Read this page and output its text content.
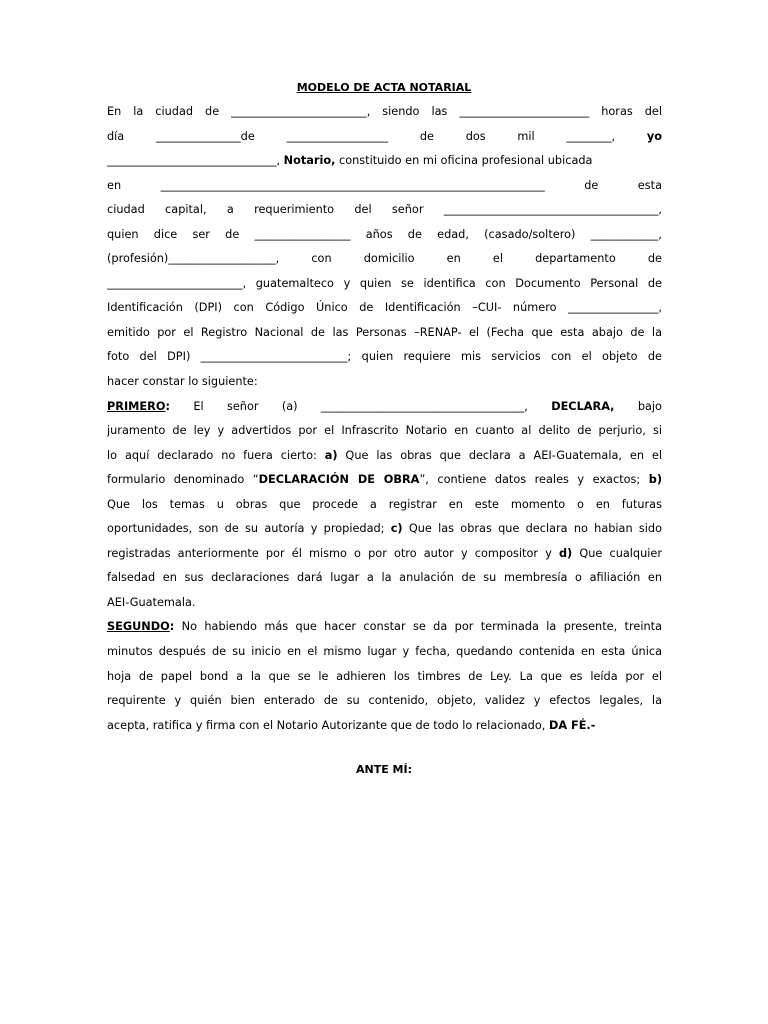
MODELO DE ACTA NOTARIAL
En la ciudad de ________________________, siendo las _______________________ horas del
día _______________de __________________ de dos mil ________,	yo
______________________________, Notario, constituido en mi oficina profesional ubicada
en ____________________________________________________________________ de esta
ciudad capital, a requerimiento del señor ______________________________________,
quien dice ser de _________________ años de edad, (casado/soltero) ____________,
(profesión)___________________, con domicilio en el departamento de
________________________, guatemalteco y quien se identifica con Documento Personal de
Identificación (DPI) con Código Único de Identificación –CUI- número ________________,
emitido por el Registro Nacional de las Personas –RENAP- el (Fecha que esta abajo de la
foto del DPI) __________________________; quien requiere mis servicios con el objeto de
hacer constar lo siguiente:
PRIMERO: El señor (a) ____________________________________, DECLARA, bajo
juramento de ley y advertidos por el Infrascrito Notario en cuanto al delito de perjurio, si
lo aquí declarado no fuera cierto: a) Que las obras que declara a AEI-Guatemala, en el
formulario denominado “DECLARACIÓN DE OBRA”, contiene datos reales y exactos; b)
Que los temas u obras que procede a registrar en este momento o en futuras
oportunidades, son de su autoría y propiedad; c) Que las obras que declara no habian sido
registradas anteriormente por él mismo o por otro autor y compositor y d) Que cualquier
falsedad en sus declaraciones dará lugar a la anulación de su membresía o afiliación en
AEI-Guatemala.
SEGUNDO: No habiendo más que hacer constar se da por terminada la presente, treinta
minutos después de su inicio en el mismo lugar y fecha, quedando contenida en esta única
hoja de papel bond a la que se le adhieren los timbres de Ley. La que es leída por el
requirente y quién bien enterado de su contenido, objeto, validez y efectos legales, la
acepta, ratifica y firma con el Notario Autorizante que de todo lo relacionado, DA FÉ.-
ANTE MÍ:
